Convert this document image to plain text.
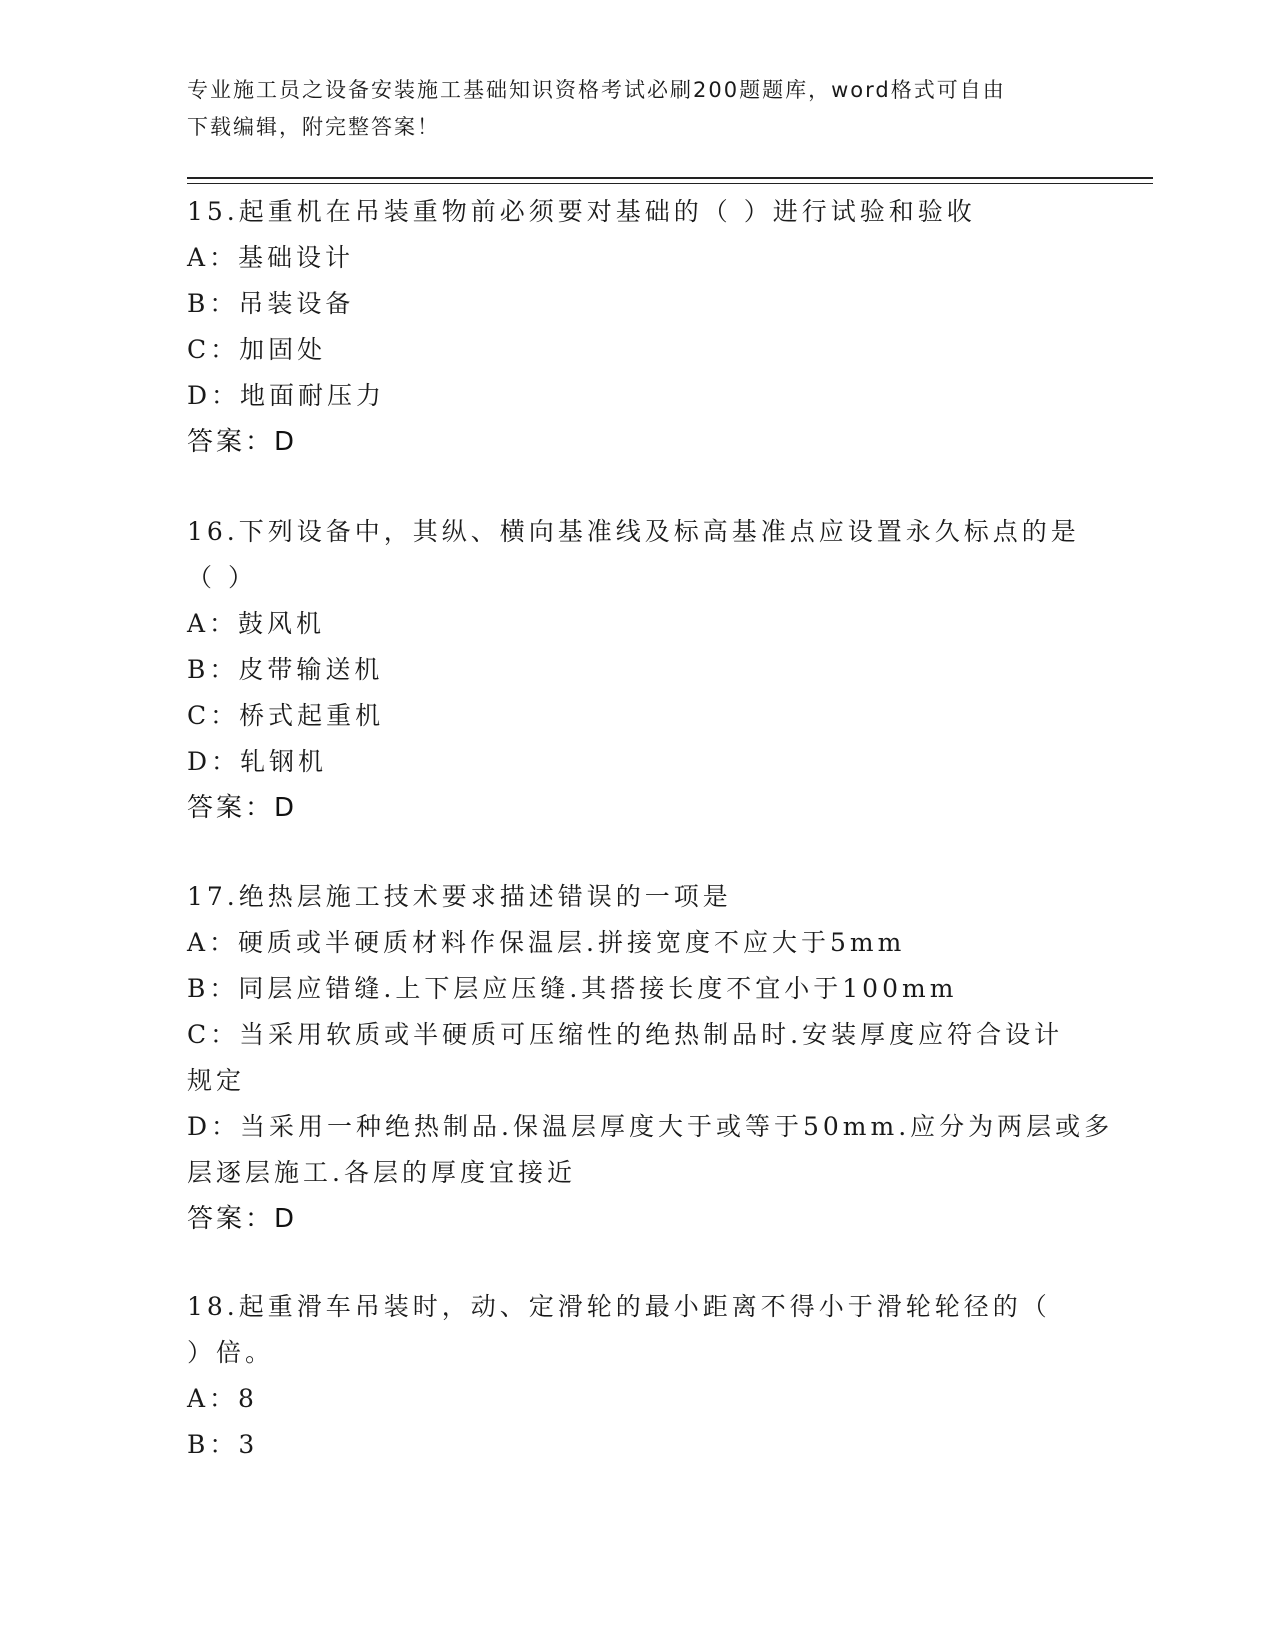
专业施工员之设备安装施工基础知识资格考试必刷200题题库，word格式可自由
下载编辑，附完整答案！
15.起重机在吊装重物前必须要对基础的（ ）进行试验和验收
A：基础设计
B：吊装设备
C：加固处
D：地面耐压力
答案：D
16.下列设备中，其纵、横向基准线及标高基准点应设置永久标点的是
（ ）
A：鼓风机
B：皮带输送机
C：桥式起重机
D：轧钢机
答案：D
17.绝热层施工技术要求描述错误的一项是
A：硬质或半硬质材料作保温层.拼接宽度不应大于5mm
B：同层应错缝.上下层应压缝.其搭接长度不宜小于100mm
C：当采用软质或半硬质可压缩性的绝热制品时.安装厚度应符合设计
规定
D：当采用一种绝热制品.保温层厚度大于或等于50mm.应分为两层或多
层逐层施工.各层的厚度宜接近
答案：D
18.起重滑车吊装时，动、定滑轮的最小距离不得小于滑轮轮径的（
）倍。
A：8
B：3
